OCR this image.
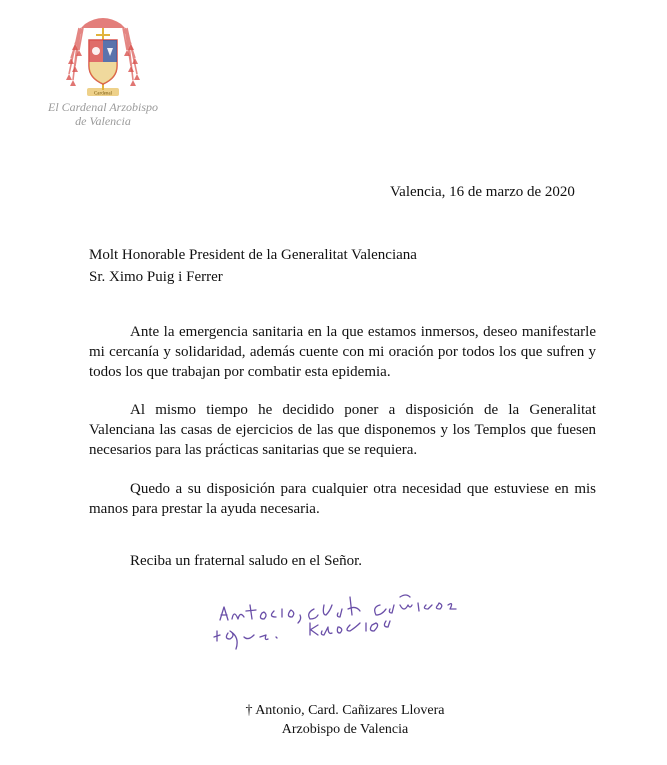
Cardenal
El Cardenal Arzobispo
de Valencia
Valencia, 16 de marzo de 2020
Molt Honorable President de la Generalitat Valenciana
Sr. Ximo Puig i Ferrer
Ante la emergencia sanitaria en la que estamos inmersos, deseo manifestarle mi cercanía y solidaridad, además cuente con mi oración por todos los que sufren y todos los que trabajan por combatir esta epidemia.
Al mismo tiempo he decidido poner a disposición de la Generalitat Valenciana las casas de ejercicios de las que disponemos y los Templos que fuesen necesarios para las prácticas sanitarias que se requiera.
Quedo a su disposición para cualquier otra necesidad que estuviese en mis manos para prestar la ayuda necesaria.
Reciba un fraternal saludo en el Señor.
† Antonio, Card. Cañizares Llovera
Arzobispo de Valencia
